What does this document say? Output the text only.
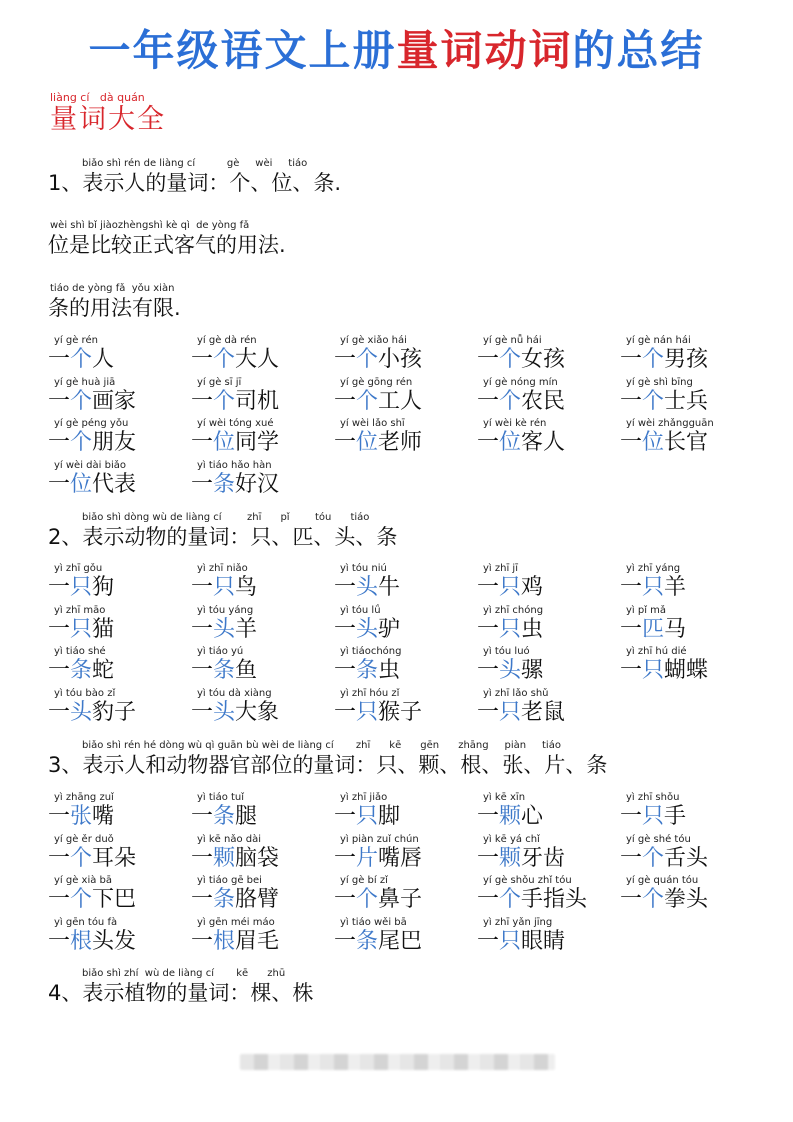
一年级语文上册量词动词的总结
liàng cí   dà quán
量词大全
biǎo shì rén de liàng cí          gè     wèi     tiáo
1、表示人的量词：个、位、条.
wèi shì bǐ jiàozhèngshì kè qì  de yòng fǎ
位是比较正式客气的用法.
tiáo de yòng fǎ  yǒu xiàn
条的用法有限.
yí gè rén
一个人
yí gè dà rén
一个大人
yí gè xiǎo hái
一个小孩
yí gè nǚ hái
一个女孩
yí gè nán hái
一个男孩
yí gè huà jiā
一个画家
yí gè sī jī
一个司机
yí gè gōng rén
一个工人
yí gè nóng mín
一个农民
yí gè shì bīng
一个士兵
yí gè péng yǒu
一个朋友
yí wèi tóng xué
一位同学
yí wèi lǎo shī
一位老师
yí wèi kè rén
一位客人
yí wèi zhǎngguān
一位长官
yí wèi dài biǎo
一位代表
yì tiáo hǎo hàn
一条好汉
biǎo shì dòng wù de liàng cí        zhī      pǐ        tóu      tiáo
2、表示动物的量词：只、匹、头、条
yì zhī gǒu
一只狗
yì zhī niǎo
一只鸟
yì tóu niú
一头牛
yì zhī jī
一只鸡
yì zhī yáng
一只羊
yì zhī māo
一只猫
yì tóu yáng
一头羊
yì tóu lǘ
一头驴
yì zhī chóng
一只虫
yì pǐ mǎ
一匹马
yì tiáo shé
一条蛇
yì tiáo yú
一条鱼
yì tiáochóng
一条虫
yì tóu luó
一头骡
yì zhī hú dié
一只蝴蝶
yì tóu bào zǐ
一头豹子
yì tóu dà xiàng
一头大象
yì zhī hóu zǐ
一只猴子
yì zhī lǎo shǔ
一只老鼠
biǎo shì rén hé dòng wù qì guān bù wèi de liàng cí       zhī      kē      gēn      zhāng     piàn     tiáo
3、表示人和动物器官部位的量词：只、颗、根、张、片、条
yì zhāng zuǐ
一张嘴
yì tiáo tuǐ
一条腿
yì zhī jiǎo
一只脚
yì kē xīn
一颗心
yì zhī shǒu
一只手
yí gè ěr duǒ
一个耳朵
yì kē nǎo dài
一颗脑袋
yì piàn zuǐ chún
一片嘴唇
yì kē yá chǐ
一颗牙齿
yí gè shé tóu
一个舌头
yí gè xià bā
一个下巴
yì tiáo gē bei
一条胳臂
yí gè bí zǐ
一个鼻子
yí gè shǒu zhǐ tóu
一个手指头
yí gè quán tóu
一个拳头
yì gēn tóu fà
一根头发
yì gēn méi máo
一根眉毛
yì tiáo wěi bā
一条尾巴
yì zhī yǎn jīng
一只眼睛
biǎo shì zhí  wù de liàng cí       kē      zhū
4、表示植物的量词：棵、株
